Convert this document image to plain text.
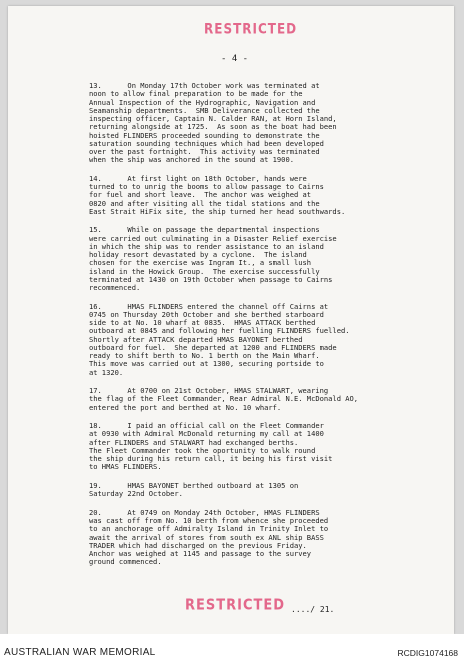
RESTRICTED
- 4 -
13.      On Monday 17th October work was terminated at
noon to allow final preparation to be made for the
Annual Inspection of the Hydrographic, Navigation and
Seamanship departments.  SMB Deliverance collected the
inspecting officer, Captain N. Calder RAN, at Horn Island,
returning alongside at 1725.  As soon as the boat had been
hoisted FLINDERS proceeded sounding to demonstrate the
saturation sounding techniques which had been developed
over the past fortnight.  This activity was terminated
when the ship was anchored in the sound at 1900.
14.      At first light on 18th October, hands were
turned to to unrig the booms to allow passage to Cairns
for fuel and short leave.  The anchor was weighed at
0820 and after visiting all the tidal stations and the
East Strait HiFix site, the ship turned her head southwards.
15.      While on passage the departmental inspections
were carried out culminating in a Disaster Relief exercise
in which the ship was to render assistance to an island
holiday resort devastated by a cyclone.  The island
chosen for the exercise was Ingram It., a small lush
island in the Howick Group.  The exercise successfully
terminated at 1430 on 19th October when passage to Cairns
recommenced.
16.      HMAS FLINDERS entered the channel off Cairns at
0745 on Thursday 20th October and she berthed starboard
side to at No. 10 wharf at 0835.  HMAS ATTACK berthed
outboard at 0845 and following her fuelling FLINDERS fuelled.
Shortly after ATTACK departed HMAS BAYONET berthed
outboard for fuel.  She departed at 1200 and FLINDERS made
ready to shift berth to No. 1 berth on the Main Wharf.
This move was carried out at 1300, securing portside to
at 1320.
17.      At 0700 on 21st October, HMAS STALWART, wearing
the flag of the Fleet Commander, Rear Admiral N.E. McDonald AO,
entered the port and berthed at No. 10 wharf.
18.      I paid an official call on the Fleet Commander
at 0930 with Admiral McDonald returning my call at 1400
after FLINDERS and STALWART had exchanged berths.
The Fleet Commander took the oportunity to walk round
the ship during his return call, it being his first visit
to HMAS FLINDERS.
19.      HMAS BAYONET berthed outboard at 1305 on
Saturday 22nd October.
20.      At 0749 on Monday 24th October, HMAS FLINDERS
was cast off from No. 10 berth from whence she proceeded
to an anchorage off Admiralty Island in Trinity Inlet to
await the arrival of stores from south ex ANL ship BASS
TRADER which had discharged on the previous Friday.
Anchor was weighed at 1145 and passage to the survey
ground commenced.
RESTRICTED ..../ 21.
AUSTRALIAN WAR MEMORIAL	RCDIG1074168
